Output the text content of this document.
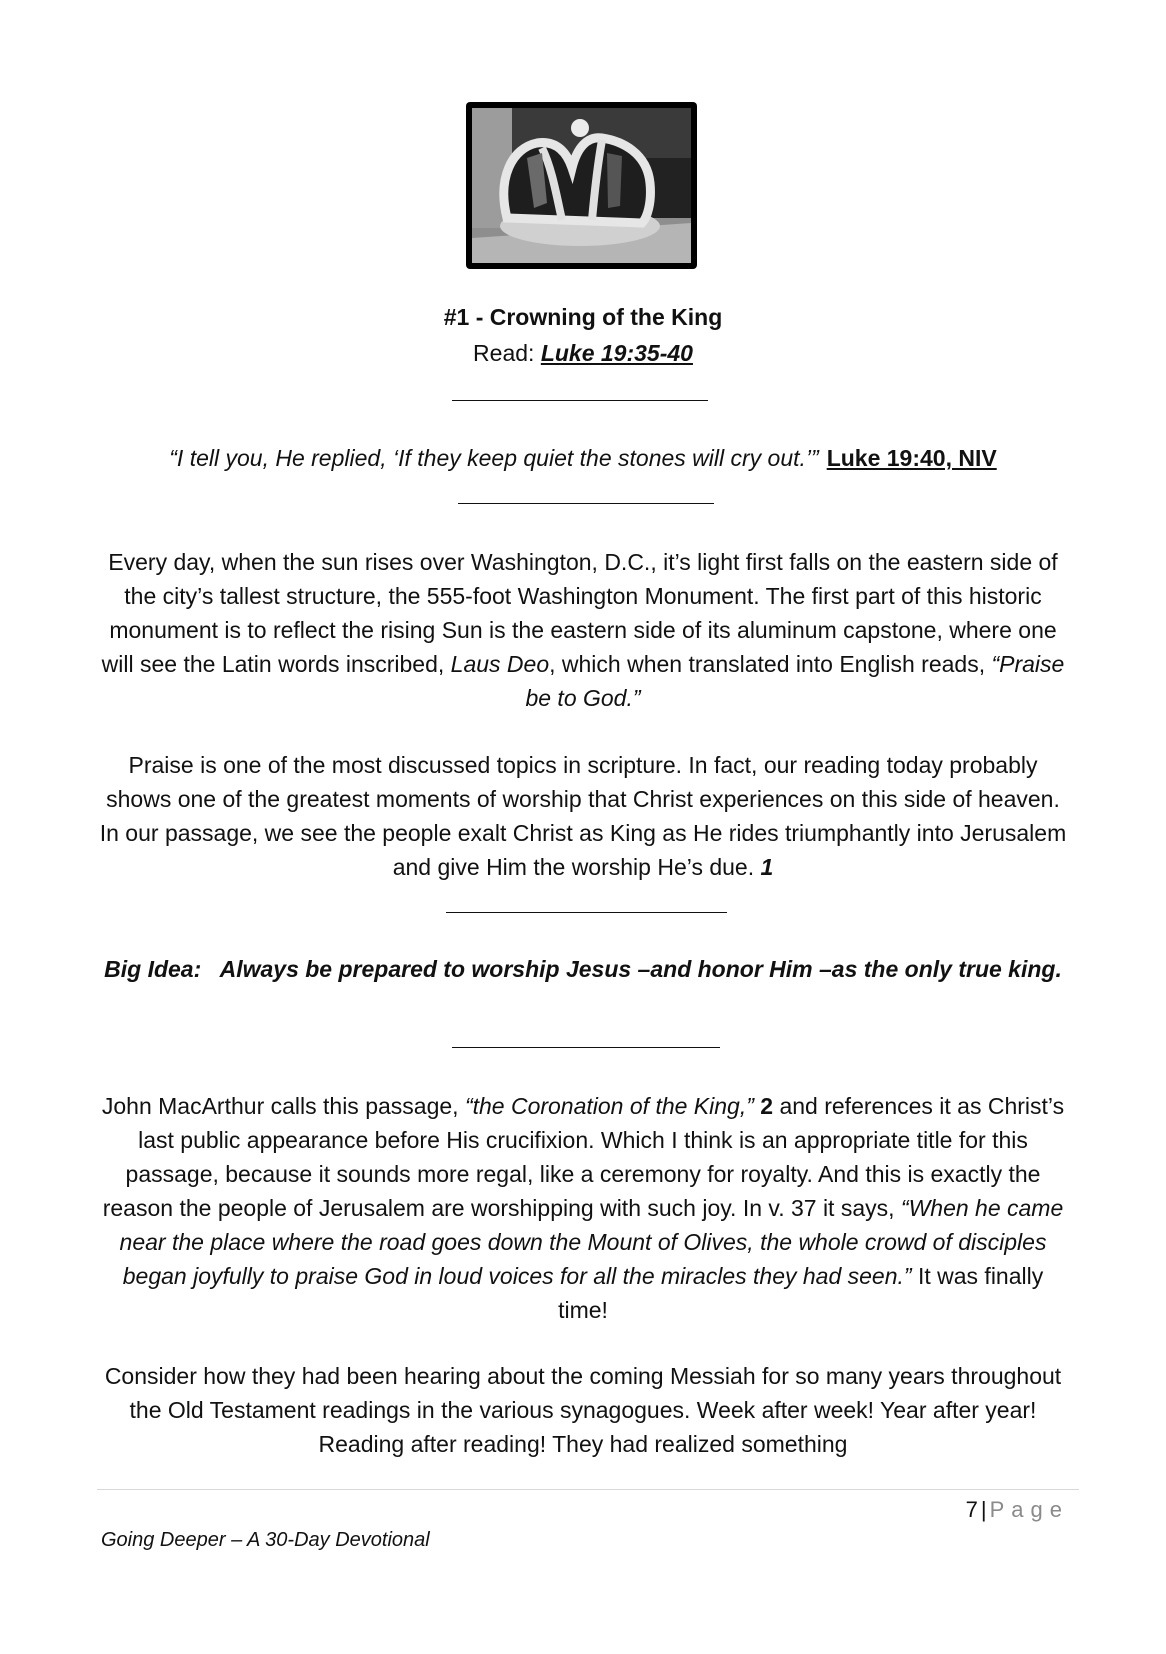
#1 - Crowning of the King
Read: Luke 19:35-40
“I tell you, He replied, ‘If they keep quiet the stones will cry out.’” Luke 19:40, NIV

Every day, when the sun rises over Washington, D.C., it’s light first falls on the eastern side of the city’s tallest structure, the 555-foot Washington Monument. The first part of this historic monument is to reflect the rising Sun is the eastern side of its aluminum capstone, where one will see the Latin words inscribed, Laus Deo, which when translated into English reads, “Praise be to God.”

Praise is one of the most discussed topics in scripture. In fact, our reading today probably shows one of the greatest moments of worship that Christ experiences on this side of heaven. In our passage, we see the people exalt Christ as King as He rides triumphantly into Jerusalem and give Him the worship He’s due. 1

Big Idea: Always be prepared to worship Jesus –and honor Him –as the only true king.

John MacArthur calls this passage, “the Coronation of the King,” 2 and references it as Christ’s last public appearance before His crucifixion. Which I think is an appropriate title for this passage, because it sounds more regal, like a ceremony for royalty. And this is exactly the reason the people of Jerusalem are worshipping with such joy. In v. 37 it says, “When he came near the place where the road goes down the Mount of Olives, the whole crowd of disciples began joyfully to praise God in loud voices for all the miracles they had seen.” It was finally time!

Consider how they had been hearing about the coming Messiah for so many years throughout the Old Testament readings in the various synagogues. Week after week! Year after year! Reading after reading! They had realized something

7 | Page
Going Deeper – A 30-Day Devotional
